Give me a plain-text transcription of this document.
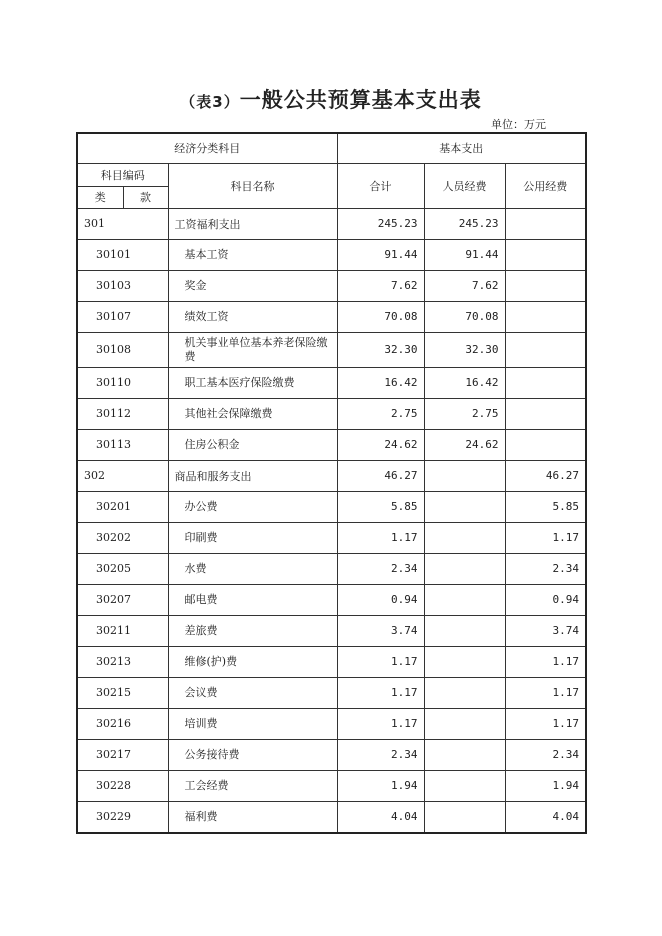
（表3）一般公共预算基本支出表
单位：万元
经济分类科目			基本支出		
科目编码		科目名称	合计	人员经费	公用经费
类	款				
301		工资福利支出	245.23	245.23	
30101		基本工资	91.44	91.44	
30103		奖金	7.62	7.62	
30107		绩效工资	70.08	70.08	
30108		机关事业单位基本养老保险缴费	32.30	32.30	
30110		职工基本医疗保险缴费	16.42	16.42	
30112		其他社会保障缴费	2.75	2.75	
30113		住房公积金	24.62	24.62	
302		商品和服务支出	46.27		46.27
30201		办公费	5.85		5.85
30202		印刷费	1.17		1.17
30205		水费	2.34		2.34
30207		邮电费	0.94		0.94
30211		差旅费	3.74		3.74
30213		维修(护)费	1.17		1.17
30215		会议费	1.17		1.17
30216		培训费	1.17		1.17
30217		公务接待费	2.34		2.34
30228		工会经费	1.94		1.94
30229		福利费	4.04		4.04
